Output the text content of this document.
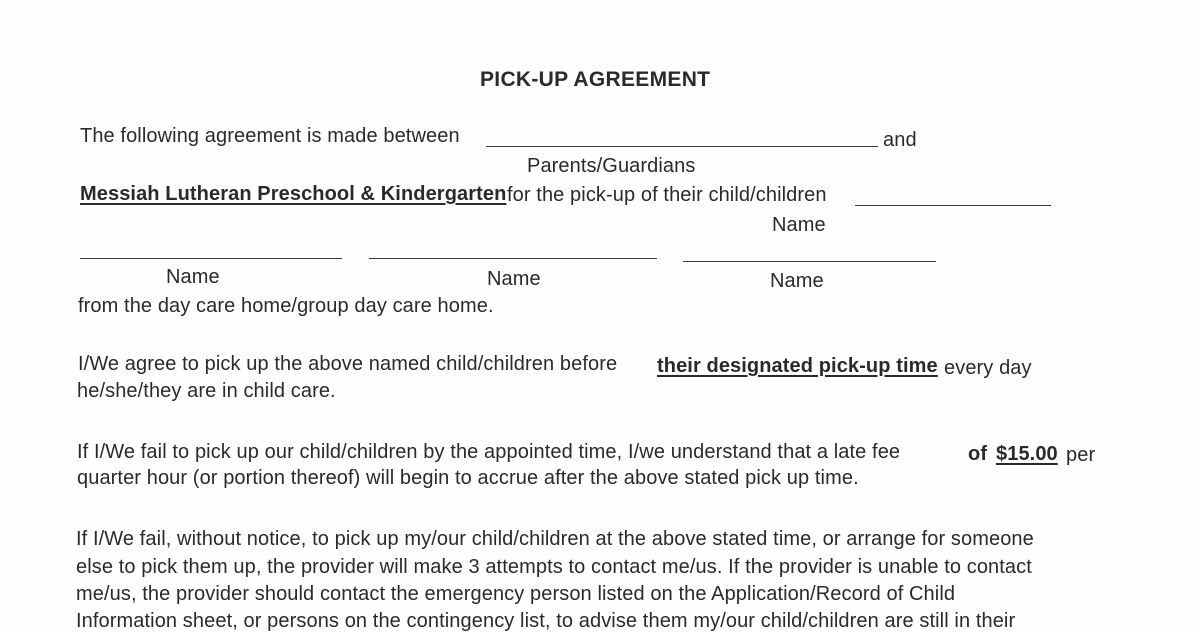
PICK-UP AGREEMENT
The following agreement is made between	and
Parents/Guardians
Messiah Lutheran Preschool & Kindergarten for the pick-up of their child/children
Name
Name	Name	Name
from the day care home/group day care home.
I/We agree to pick up the above named child/children before their designated pick-up time every day
he/she/they are in child care.
If I/We fail to pick up our child/children by the appointed time, I/we understand that a late fee	of $15.00 per
quarter hour (or portion thereof) will begin to accrue after the above stated pick up time.
If I/We fail, without notice, to pick up my/our child/children at the above stated time, or arrange for someone
else to pick them up, the provider will make 3 attempts to contact me/us. If the provider is unable to contact
me/us, the provider should contact the emergency person listed on the Application/Record of Child
Information sheet, or persons on the contingency list, to advise them my/our child/children are still in their
